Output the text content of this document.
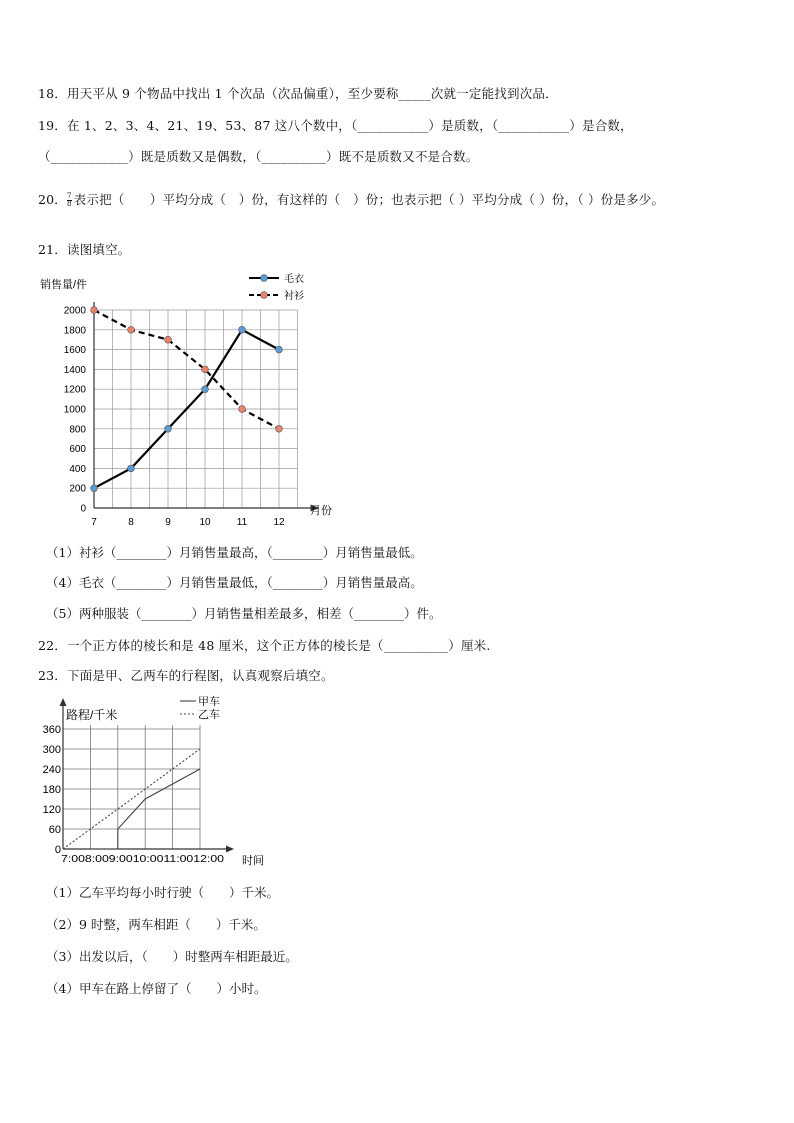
18．用天平从 9 个物品中找出 1 个次品（次品偏重），至少要称_____次就一定能找到次品．
19．在 1、2、3、4、21、19、53、87 这八个数中，（___________）是质数，（___________）是合数，
（____________）既是质数又是偶数，（__________）既不是质数又不是合数。
20． $\frac{7}{8}$ 表示把（　　）平均分成（　）份，有这样的（　）份；也表示把（ ）平均分成（ ）份，（ ）份是多少。
21．读图填空。
0
200
400
600
800
1000
1200
1400
1600
1800
2000
7	8	9	10	11	12
毛衣
衬衫
销售量/件
月份
（1）衬衫（________）月销售量最高，（________）月销售量最低。
（4）毛衣（________）月销售量最低，（________）月销售量最高。
（5）两种服装（________）月销售量相差最多，相差（________）件。
22．一个正方体的棱长和是 48 厘米，这个正方体的棱长是（__________）厘米.
23．下面是甲、乙两车的行程图，认真观察后填空。
0
60
120
180
240
300
360
7:008:009:0010:0011:0012:00
甲车
乙车
路程/千米
时间
（1）乙车平均每小时行驶（　　）千米。
（2）9 时整，两车相距（　　）千米。
（3）出发以后，（　　）时整两车相距最近。
（4）甲车在路上停留了（　　）小时。
